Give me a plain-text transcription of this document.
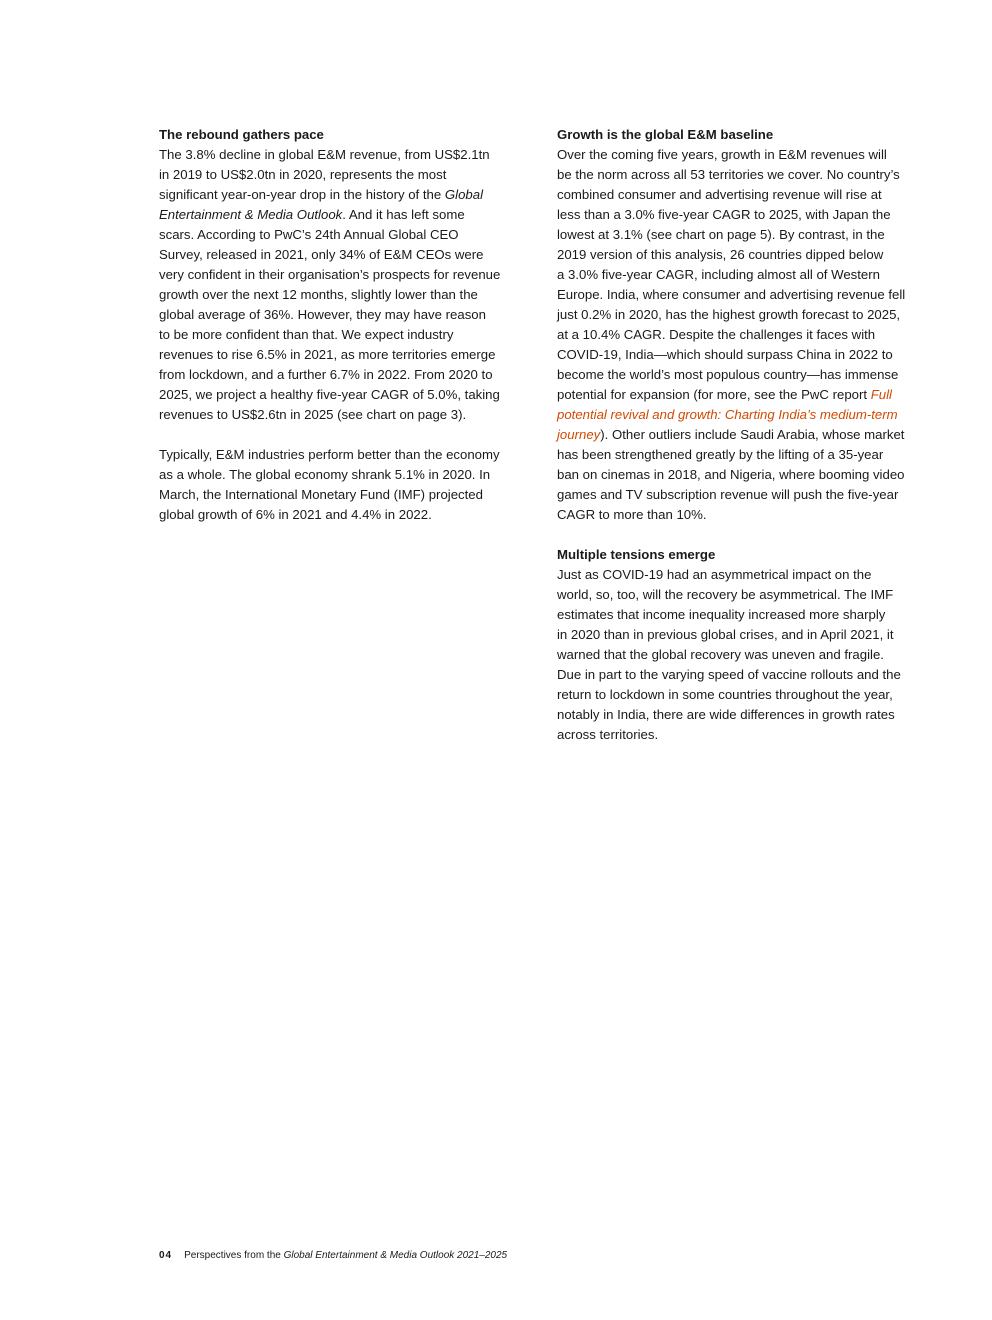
The rebound gathers pace

The 3.8% decline in global E&M revenue, from US$2.1tn
in 2019 to US$2.0tn in 2020, represents the most
significant year-on-year drop in the history of the Global
Entertainment & Media Outlook. And it has left some
scars. According to PwC’s 24th Annual Global CEO
Survey, released in 2021, only 34% of E&M CEOs were
very confident in their organisation’s prospects for revenue
growth over the next 12 months, slightly lower than the
global average of 36%. However, they may have reason
to be more confident than that. We expect industry
revenues to rise 6.5% in 2021, as more territories emerge
from lockdown, and a further 6.7% in 2022. From 2020 to
2025, we project a healthy five-year CAGR of 5.0%, taking
revenues to US$2.6tn in 2025 (see chart on page 3).

Typically, E&M industries perform better than the economy
as a whole. The global economy shrank 5.1% in 2020. In
March, the International Monetary Fund (IMF) projected
global growth of 6% in 2021 and 4.4% in 2022.

Growth is the global E&M baseline

Over the coming five years, growth in E&M revenues will
be the norm across all 53 territories we cover. No country’s
combined consumer and advertising revenue will rise at
less than a 3.0% five-year CAGR to 2025, with Japan the
lowest at 3.1% (see chart on page 5). By contrast, in the
2019 version of this analysis, 26 countries dipped below
a 3.0% five-year CAGR, including almost all of Western
Europe. India, where consumer and advertising revenue fell
just 0.2% in 2020, has the highest growth forecast to 2025,
at a 10.4% CAGR. Despite the challenges it faces with
COVID-19, India—which should surpass China in 2022 to
become the world’s most populous country—has immense
potential for expansion (for more, see the PwC report Full
potential revival and growth: Charting India’s medium-term
journey). Other outliers include Saudi Arabia, whose market
has been strengthened greatly by the lifting of a 35-year
ban on cinemas in 2018, and Nigeria, where booming video
games and TV subscription revenue will push the five-year
CAGR to more than 10%.

Multiple tensions emerge

Just as COVID-19 had an asymmetrical impact on the
world, so, too, will the recovery be asymmetrical. The IMF
estimates that income inequality increased more sharply
in 2020 than in previous global crises, and in April 2021, it
warned that the global recovery was uneven and fragile.
Due in part to the varying speed of vaccine rollouts and the
return to lockdown in some countries throughout the year,
notably in India, there are wide differences in growth rates
across territories.

04 Perspectives from the Global Entertainment & Media Outlook 2021–2025
